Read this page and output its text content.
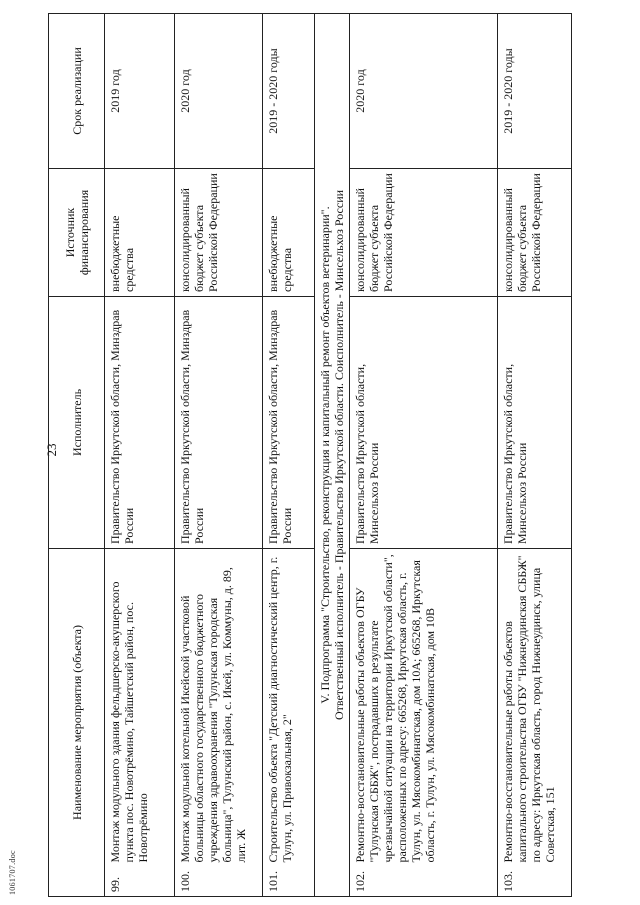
1061707.doc
23
Наименование мероприятия (объекта)		Исполнитель	Источник финансирования	Срок реализации
99.	Монтаж модульного здания фельдшерско-акушерского пункта пос. Новотрёмино, Тайшетский район, пос. Новотрёмино	Правительство Иркутской области, Минздрав России	внебюджетные средства	2019 год
100.	Монтаж модульной котельной Икейской участковой больницы областного государственного бюджетного учреждения здравоохранения "Тулунская городская больница", Тулунский район, с. Икей, ул. Коммуны, д. 89, лит. Ж	Правительство Иркутской области, Минздрав России	консолидированный бюджет субъекта Российской Федерации	2020 год
101.	Строительство объекта "Детский диагностический центр, г. Тулун, ул. Привокзальная, 2"	Правительство Иркутской области, Минздрав России	внебюджетные средства	2019 - 2020 годы

V. Подпрограмма "Строительство, реконструкция и капитальный ремонт объектов ветеринарии". Ответственный исполнитель - Правительство Иркутской области. Соисполнитель - Минсельхоз России				

102.	Ремонтно-восстановительные работы объектов ОГБУ "Тулунская СББЖ", пострадавших в результате чрезвычайной ситуации на территории Иркутской области", расположенных по адресу: 665268, Иркутская область, г. Тулун, ул. Мясокомбинатская, дом 10А; 665268, Иркутская область, г. Тулун, ул. Мясокомбинатская, дом 10В	Правительство Иркутской области, Минсельхоз России	консолидированный бюджет субъекта Российской Федерации	2020 год
103.	Ремонтно-восстановительные работы объектов капитального строительства ОГБУ "Нижнеудинская СББЖ" по адресу: Иркутская область, город Нижнеудинск, улица Советская, 151	Правительство Иркутской области, Минсельхоз России	консолидированный бюджет субъекта Российской Федерации	2019 - 2020 годы
